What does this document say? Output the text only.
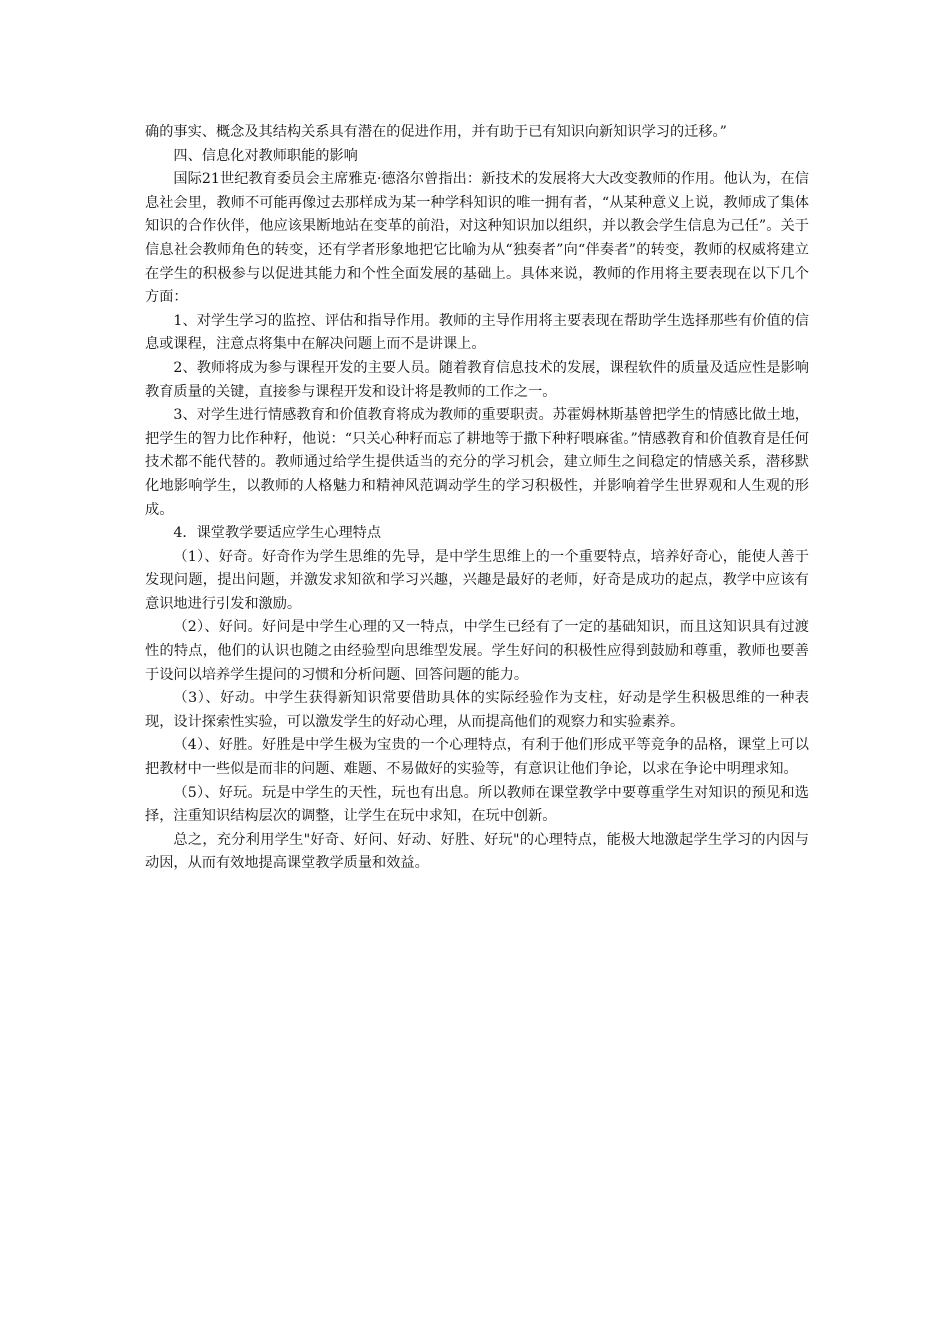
确的事实、概念及其结构关系具有潜在的促进作用，并有助于已有知识向新知识学习的迁移。”

四、信息化对教师职能的影响

国际21世纪教育委员会主席雅克·德洛尔曾指出：新技术的发展将大大改变教师的作用。他认为，在信息社会里，教师不可能再像过去那样成为某一种学科知识的唯一拥有者，“从某种意义上说，教师成了集体知识的合作伙伴，他应该果断地站在变革的前沿，对这种知识加以组织，并以教会学生信息为己任”。关于信息社会教师角色的转变，还有学者形象地把它比喻为从“独奏者”向“伴奏者”的转变，教师的权威将建立在学生的积极参与以促进其能力和个性全面发展的基础上。具体来说，教师的作用将主要表现在以下几个方面：

1、对学生学习的监控、评估和指导作用。教师的主导作用将主要表现在帮助学生选择那些有价值的信息或课程，注意点将集中在解决问题上而不是讲课上。

2、教师将成为参与课程开发的主要人员。随着教育信息技术的发展，课程软件的质量及适应性是影响教育质量的关键，直接参与课程开发和设计将是教师的工作之一。

3、对学生进行情感教育和价值教育将成为教师的重要职责。苏霍姆林斯基曾把学生的情感比做土地，把学生的智力比作种籽，他说：“只关心种籽而忘了耕地等于撒下种籽喂麻雀。”情感教育和价值教育是任何技术都不能代替的。教师通过给学生提供适当的充分的学习机会，建立师生之间稳定的情感关系，潜移默化地影响学生，以教师的人格魅力和精神风范调动学生的学习积极性，并影响着学生世界观和人生观的形成。

4．课堂教学要适应学生心理特点

（1）、好奇。好奇作为学生思维的先导，是中学生思维上的一个重要特点，培养好奇心，能使人善于发现问题，提出问题，并激发求知欲和学习兴趣，兴趣是最好的老师，好奇是成功的起点，教学中应该有意识地进行引发和激励。

（2）、好问。好问是中学生心理的又一特点，中学生已经有了一定的基础知识，而且这知识具有过渡性的特点，他们的认识也随之由经验型向思维型发展。学生好问的积极性应得到鼓励和尊重，教师也要善于设问以培养学生提问的习惯和分析问题、回答问题的能力。

（3）、好动。中学生获得新知识常要借助具体的实际经验作为支柱，好动是学生积极思维的一种表现，设计探索性实验，可以激发学生的好动心理，从而提高他们的观察力和实验素养。

（4）、好胜。好胜是中学生极为宝贵的一个心理特点，有利于他们形成平等竞争的品格，课堂上可以把教材中一些似是而非的问题、难题、不易做好的实验等，有意识让他们争论，以求在争论中明理求知。

（5）、好玩。玩是中学生的天性，玩也有出息。所以教师在课堂教学中要尊重学生对知识的预见和选择，注重知识结构层次的调整，让学生在玩中求知，在玩中创新。

总之，充分利用学生"好奇、好问、好动、好胜、好玩"的心理特点，能极大地激起学生学习的内因与动因，从而有效地提高课堂教学质量和效益。
